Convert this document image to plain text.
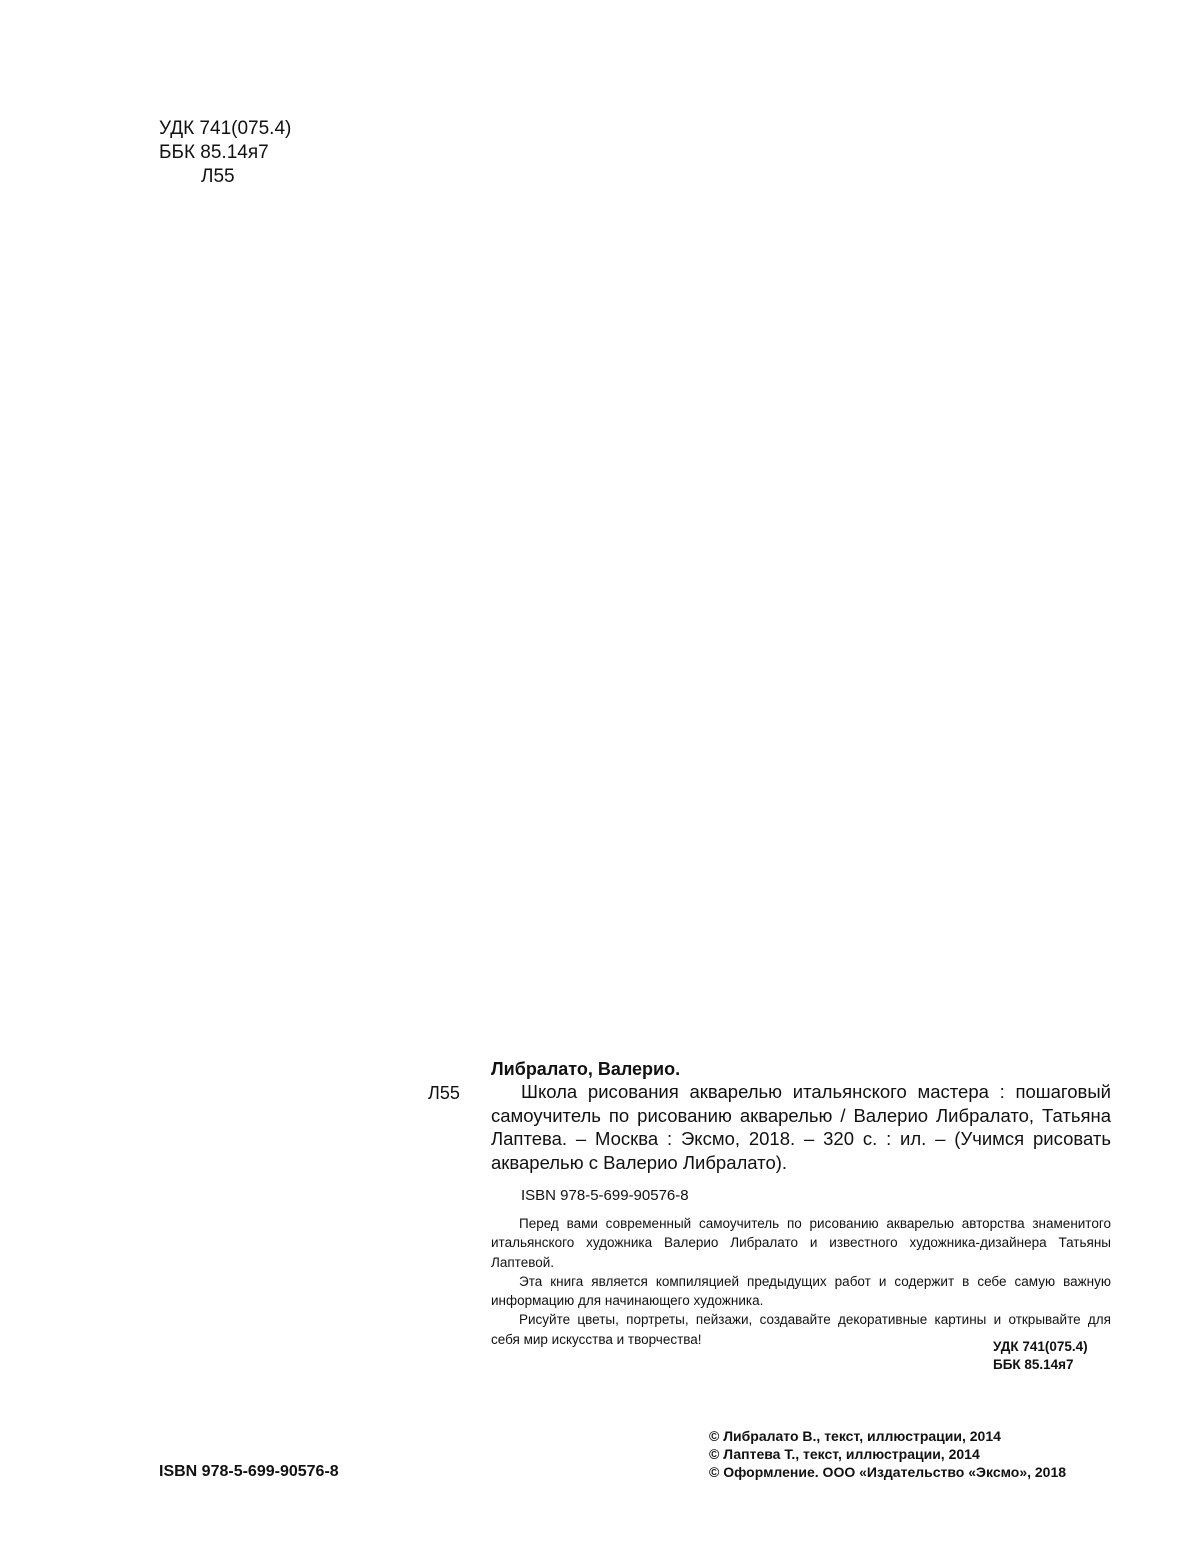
УДК 741(075.4)
ББК 85.14я7
Л55
Либралато, Валерио.
Л55	Школа рисования акварелью итальянского мастера : пошаговый самоучитель по рисованию акварелью / Валерио Либралато, Татьяна Лаптева. – Москва : Эксмо, 2018. – 320 с. : ил. – (Учимся рисовать акварелью с Валерио Либралато).
ISBN 978-5-699-90576-8

Перед вами современный самоучитель по рисованию акварелью авторства знаменитого итальянского художника Валерио Либралато и известного художника-дизайнера Татьяны Лаптевой.

Эта книга является компиляцией предыдущих работ и содержит в себе самую важную информацию для начинающего художника.

Рисуйте цветы, портреты, пейзажи, создавайте декоративные картины и открывайте для себя мир искусства и творчества!	УДК 741(075.4)
ББК 85.14я7
© Либралато В., текст, иллюстрации, 2014
© Лаптева Т., текст, иллюстрации, 2014
© Оформление. ООО «Издательство «Эксмо», 2018
ISBN 978-5-699-90576-8
